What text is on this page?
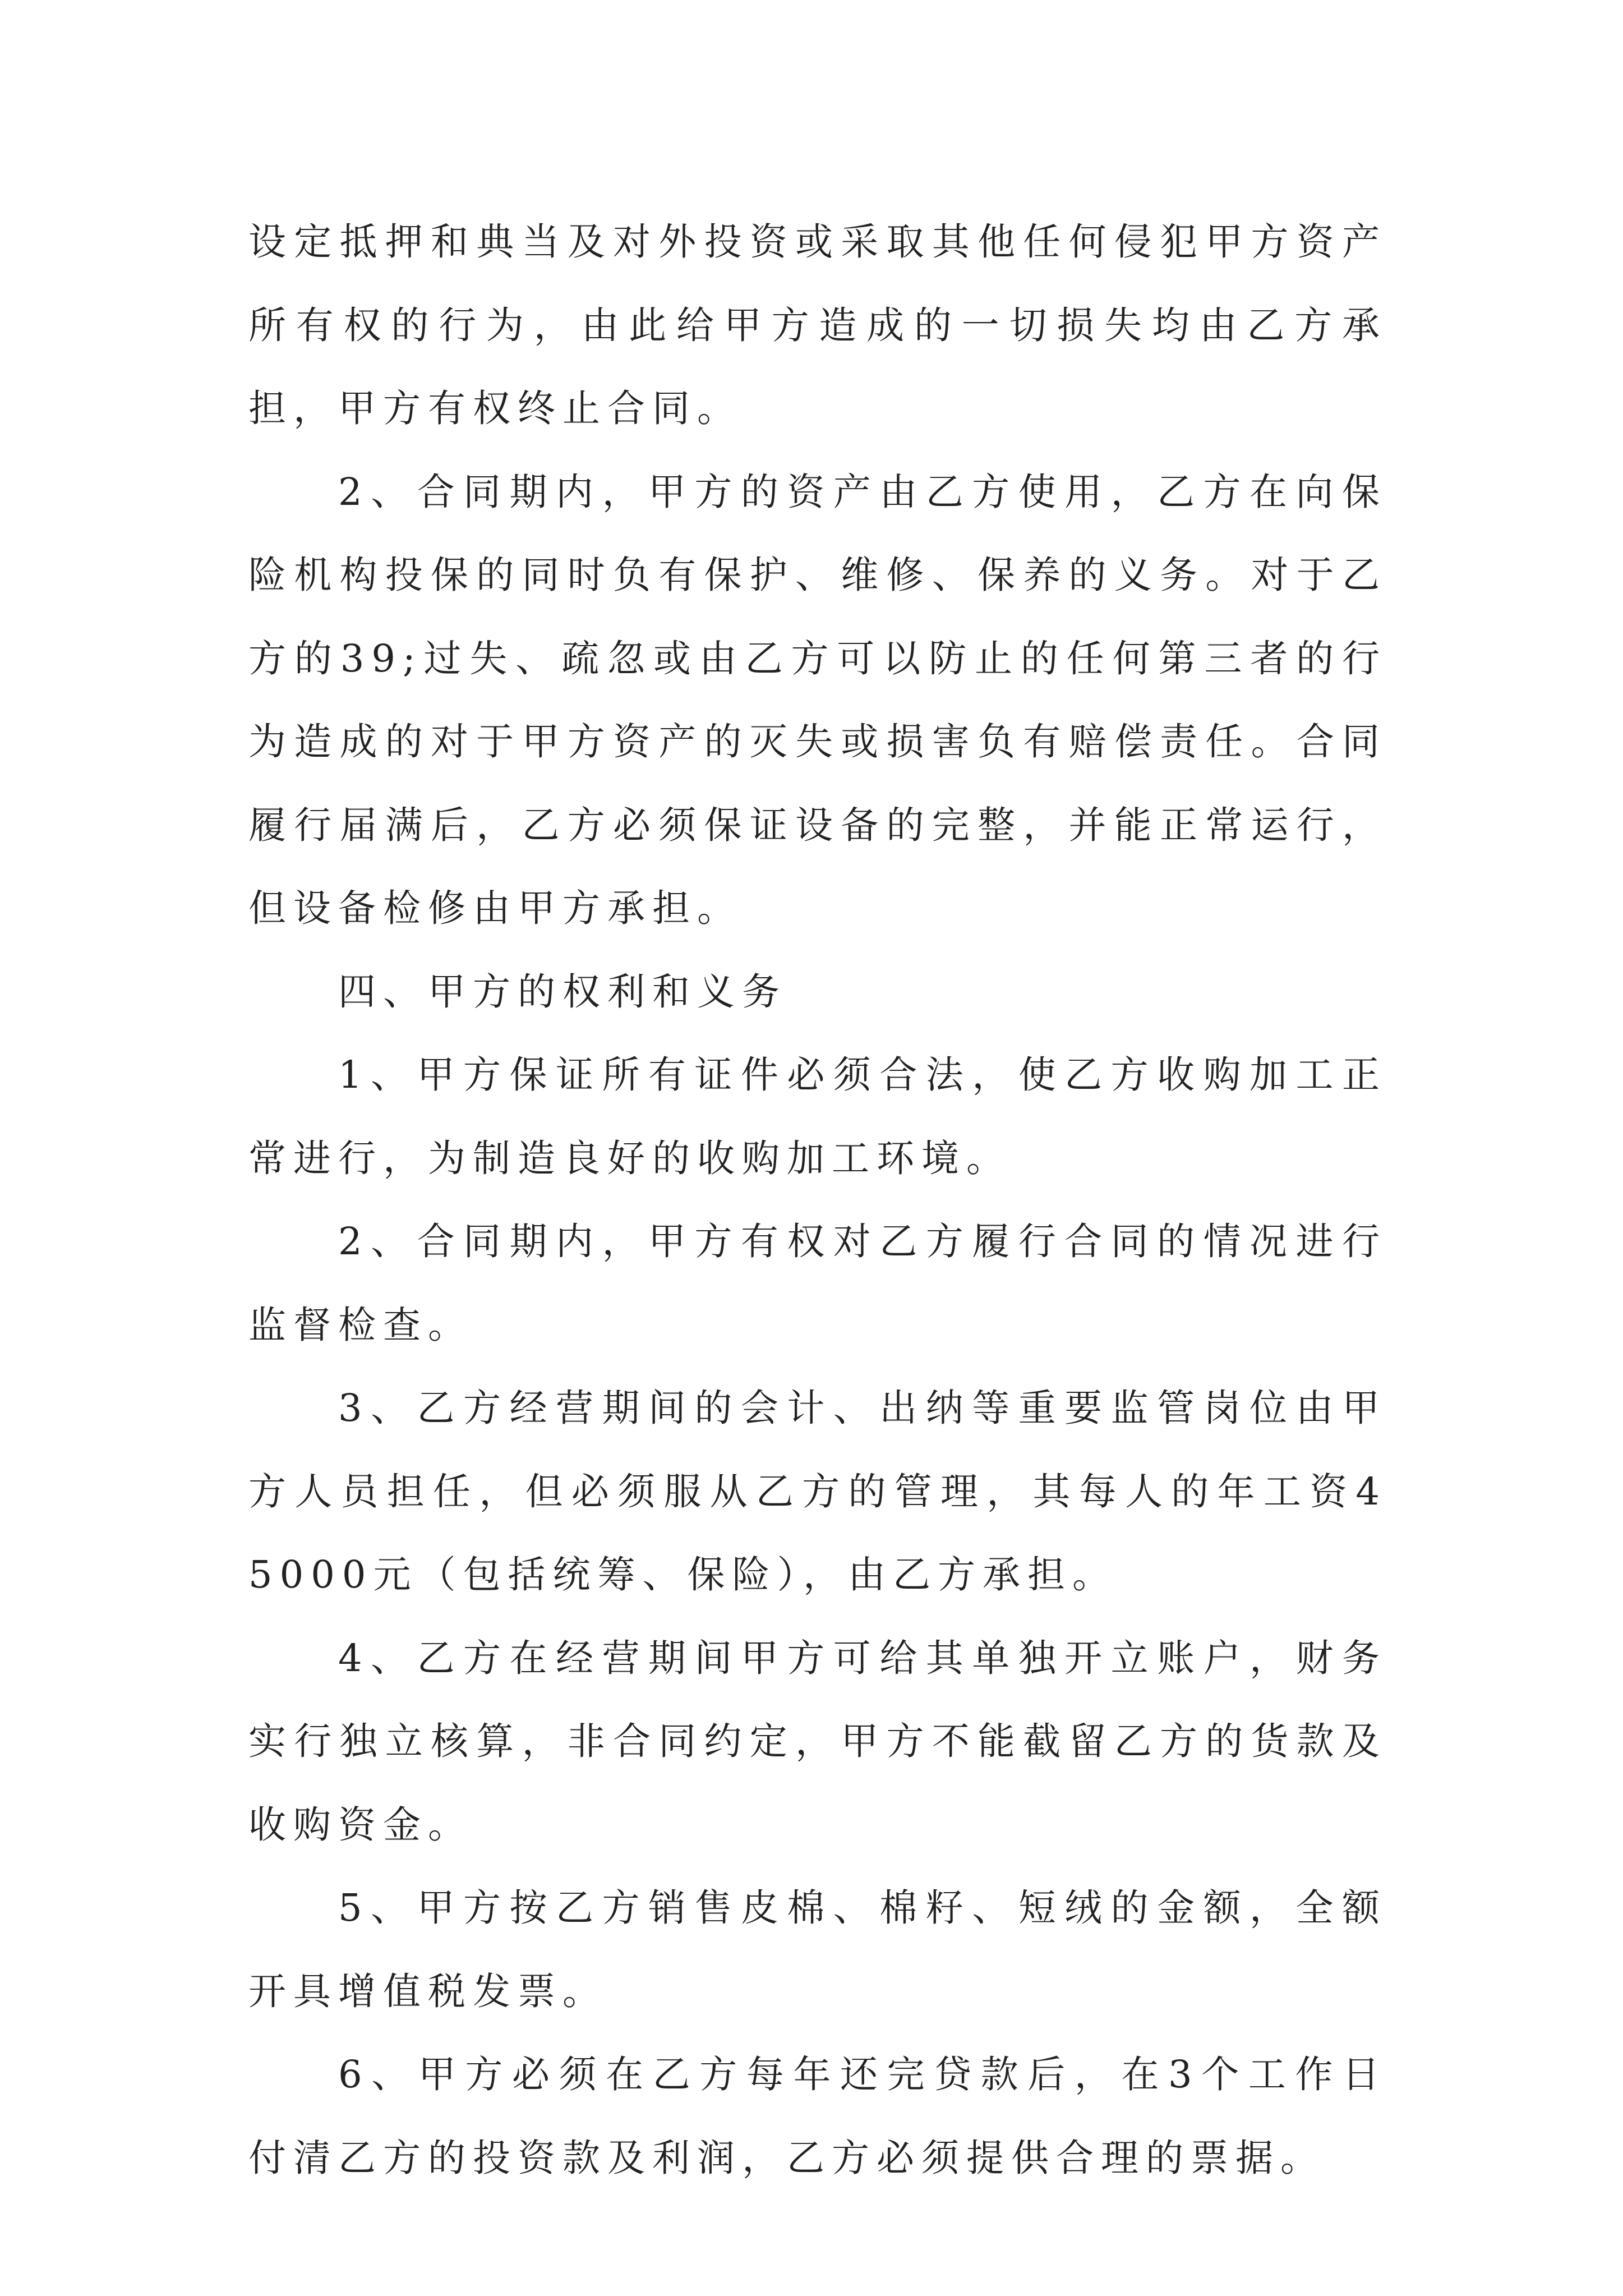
设定抵押和典当及对外投资或采取其他任何侵犯甲方资产所有权的行为，由此给甲方造成的一切损失均由乙方承担，甲方有权终止合同。

2、合同期内，甲方的资产由乙方使用，乙方在向保险机构投保的同时负有保护、维修、保养的义务。对于乙方的39;过失、疏忽或由乙方可以防止的任何第三者的行为造成的对于甲方资产的灭失或损害负有赔偿责任。合同履行届满后，乙方必须保证设备的完整，并能正常运行，但设备检修由甲方承担。

四、甲方的权利和义务

1、甲方保证所有证件必须合法，使乙方收购加工正常进行，为制造良好的收购加工环境。

2、合同期内，甲方有权对乙方履行合同的情况进行监督检查。

3、乙方经营期间的会计、出纳等重要监管岗位由甲方人员担任，但必须服从乙方的管理，其每人的年工资45000元（包括统筹、保险），由乙方承担。

4、乙方在经营期间甲方可给其单独开立账户，财务实行独立核算，非合同约定，甲方不能截留乙方的货款及收购资金。

5、甲方按乙方销售皮棉、棉籽、短绒的金额，全额开具增值税发票。

6、甲方必须在乙方每年还完贷款后，在3个工作日付清乙方的投资款及利润，乙方必须提供合理的票据。
